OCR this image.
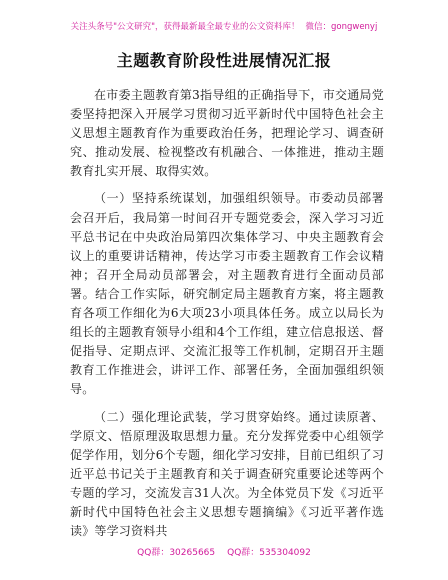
关注头条号"公文研究"，获得最新最全最专业的公文资料库！ 微信：gongwenyj
主题教育阶段性进展情况汇报

在市委主题教育第3指导组的正确指导下，市交通局党委坚持把深入开展学习贯彻习近平新时代中国特色社会主义思想主题教育作为重要政治任务，把理论学习、调查研究、推动发展、检视整改有机融合、一体推进，推动主题教育扎实开展、取得实效。

（一）坚持系统谋划，加强组织领导。市委动员部署会召开后，我局第一时间召开专题党委会，深入学习习近平总书记在中央政治局第四次集体学习、中央主题教育会议上的重要讲话精神，传达学习市委主题教育工作会议精神；召开全局动员部署会，对主题教育进行全面动员部署。结合工作实际，研究制定局主题教育方案，将主题教育各项工作细化为6大项23小项具体任务。成立以局长为组长的主题教育领导小组和4个工作组，建立信息报送、督促指导、定期点评、交流汇报等工作机制，定期召开主题教育工作推进会，讲评工作、部署任务，全面加强组织领导。

（二）强化理论武装，学习贯穿始终。通过读原著、学原文、悟原理汲取思想力量。充分发挥党委中心组领学促学作用，划分6个专题，细化学习安排，目前已组织了习近平总书记关于主题教育和关于调查研究重要论述等两个专题的学习，交流发言31人次。为全体党员下发《习近平新时代中国特色社会主义思想专题摘编》《习近平著作选读》等学习资料共

QQ群：30265665 QQ群：535304092
